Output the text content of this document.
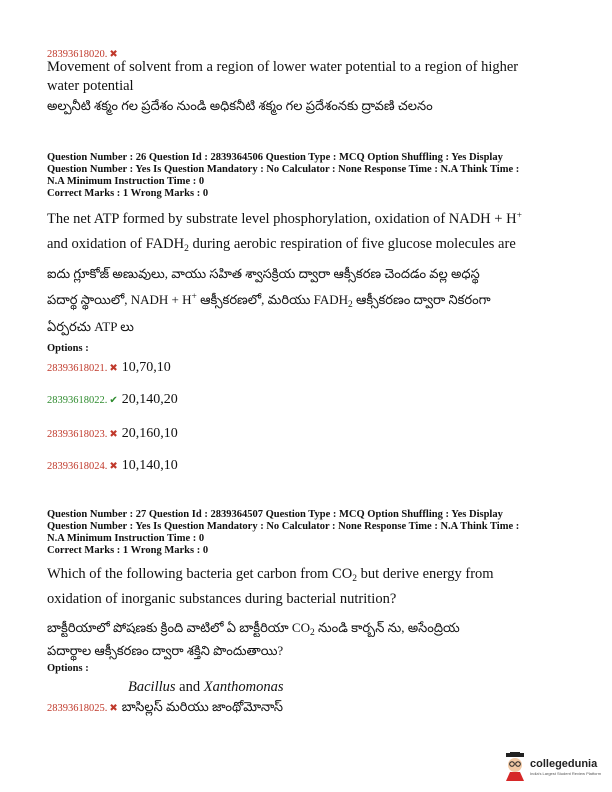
28393618020. ✖
Movement of solvent from a region of lower water potential to a region of higher
water potential
అల్పనీటి శక్మం గల ప్రదేశం నుండి అధికనీటి శక్మం గల ప్రదేశంనకు ద్రావణి చలనం
Question Number : 26 Question Id : 2839364506 Question Type : MCQ Option Shuffling : Yes Display
Question Number : Yes Is Question Mandatory : No Calculator : None Response Time : N.A Think Time :
N.A Minimum Instruction Time : 0
Correct Marks : 1 Wrong Marks : 0
The net ATP formed by substrate level phosphorylation, oxidation of NADH + H+
and oxidation of $FADH_2$ during aerobic respiration of five glucose molecules are
ఐదు గ్లూకోజ్ అణువులు, వాయు సహిత శ్వాసక్రియ ద్వారా ఆక్సీకరణ చెందడం వల్ల అధస్థ
పదార్థ స్థాయిలో, NADH + H+ ఆక్సీకరణలో, మరియు $FADH_2$ ఆక్సీకరణం ద్వారా నికరంగా
ఏర్పరచు ATP లు
Options :
28393618021. ✖ 10,70,10
28393618022. ✔ 20,140,20
28393618023. ✖ 20,160,10
28393618024. ✖ 10,140,10
Question Number : 27 Question Id : 2839364507 Question Type : MCQ Option Shuffling : Yes Display
Question Number : Yes Is Question Mandatory : No Calculator : None Response Time : N.A Think Time :
N.A Minimum Instruction Time : 0
Correct Marks : 1 Wrong Marks : 0
Which of the following bacteria get carbon from $CO_2$ but derive energy from
oxidation of inorganic substances during bacterial nutrition?
బాక్టీరియాలో పోషణకు క్రింది వాటిలో ఏ బాక్టీరియా $CO_2$ నుండి కార్బన్ ను, అసేంద్రియ
పదార్థాల ఆక్సీకరణం ద్వారా శక్తిని పొందుతాయి?
Options :
Bacillus and Xanthomonas
28393618025. ✖ బాసిల్లస్ మరియు జాంథోమోనాస్
collegedunia
India's Largest Student Review Platform
